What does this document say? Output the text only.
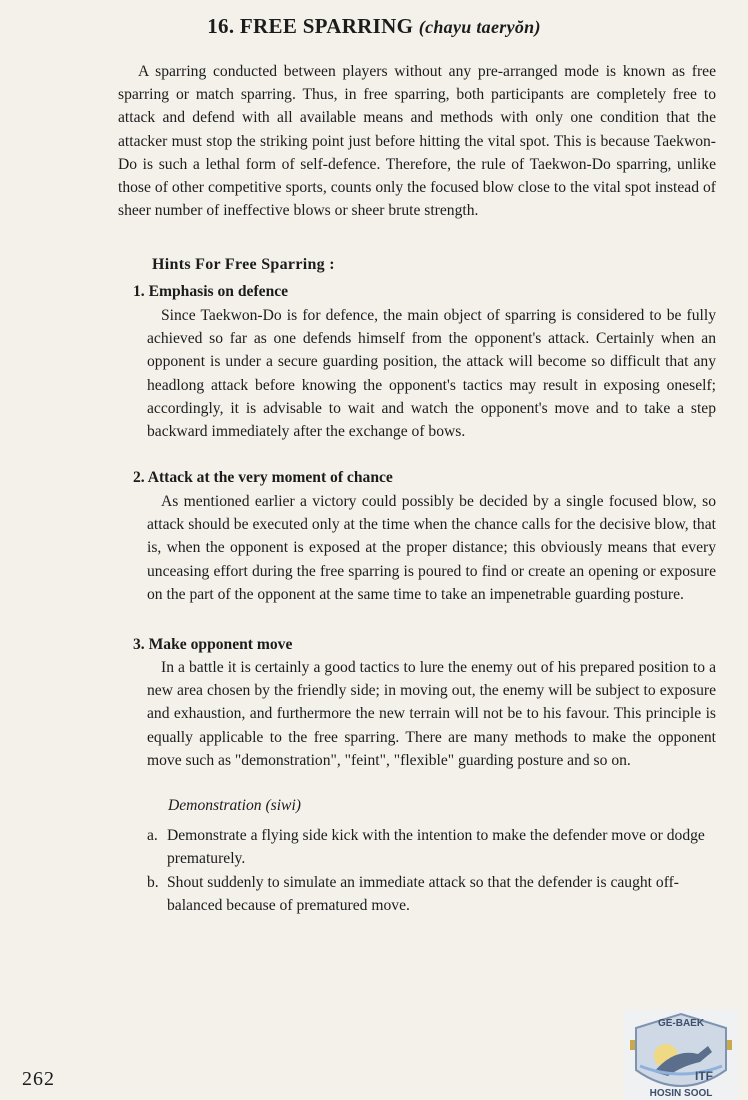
16. FREE SPARRING (chayu taeryŏn)

A sparring conducted between players without any pre-arranged mode is known as free sparring or match sparring. Thus, in free sparring, both participants are completely free to attack and defend with all available means and methods with only one condition that the attacker must stop the striking point just before hitting the vital spot. This is because Taekwon-Do is such a lethal form of self-defence. Therefore, the rule of Taekwon-Do sparring, unlike those of other competitive sports, counts only the focused blow close to the vital spot instead of sheer number of ineffective blows or sheer brute strength.

Hints For Free Sparring :
1. Emphasis on defence

Since Taekwon-Do is for defence, the main object of sparring is considered to be fully achieved so far as one defends himself from the opponent's attack. Certainly when an opponent is under a secure guarding position, the attack will become so difficult that any headlong attack before knowing the opponent's tactics may result in exposing oneself; accordingly, it is advisable to wait and watch the opponent's move and to take a step backward immediately after the exchange of bows.

2. Attack at the very moment of chance

As mentioned earlier a victory could possibly be decided by a single focused blow, so attack should be executed only at the time when the chance calls for the decisive blow, that is, when the opponent is exposed at the proper distance; this obviously means that every unceasing effort during the free sparring is poured to find or create an opening or exposure on the part of the opponent at the same time to take an impenetrable guarding posture.

3. Make opponent move

In a battle it is certainly a good tactics to lure the enemy out of his prepared position to a new area chosen by the friendly side; in moving out, the enemy will be subject to exposure and exhaustion, and furthermore the new terrain will not be to his favour. This principle is equally applicable to the free sparring. There are many methods to make the opponent move such as "demonstration", "feint", "flexible" guarding posture and so on.

Demonstration (siwi)
a. Demonstrate a flying side kick with the intention to make the defender move or dodge prematurely.
b. Shout suddenly to simulate an immediate attack so that the defender is caught off-balanced because of prematured move.
262
GE-BAEK
ITF
HOSIN SOOL
